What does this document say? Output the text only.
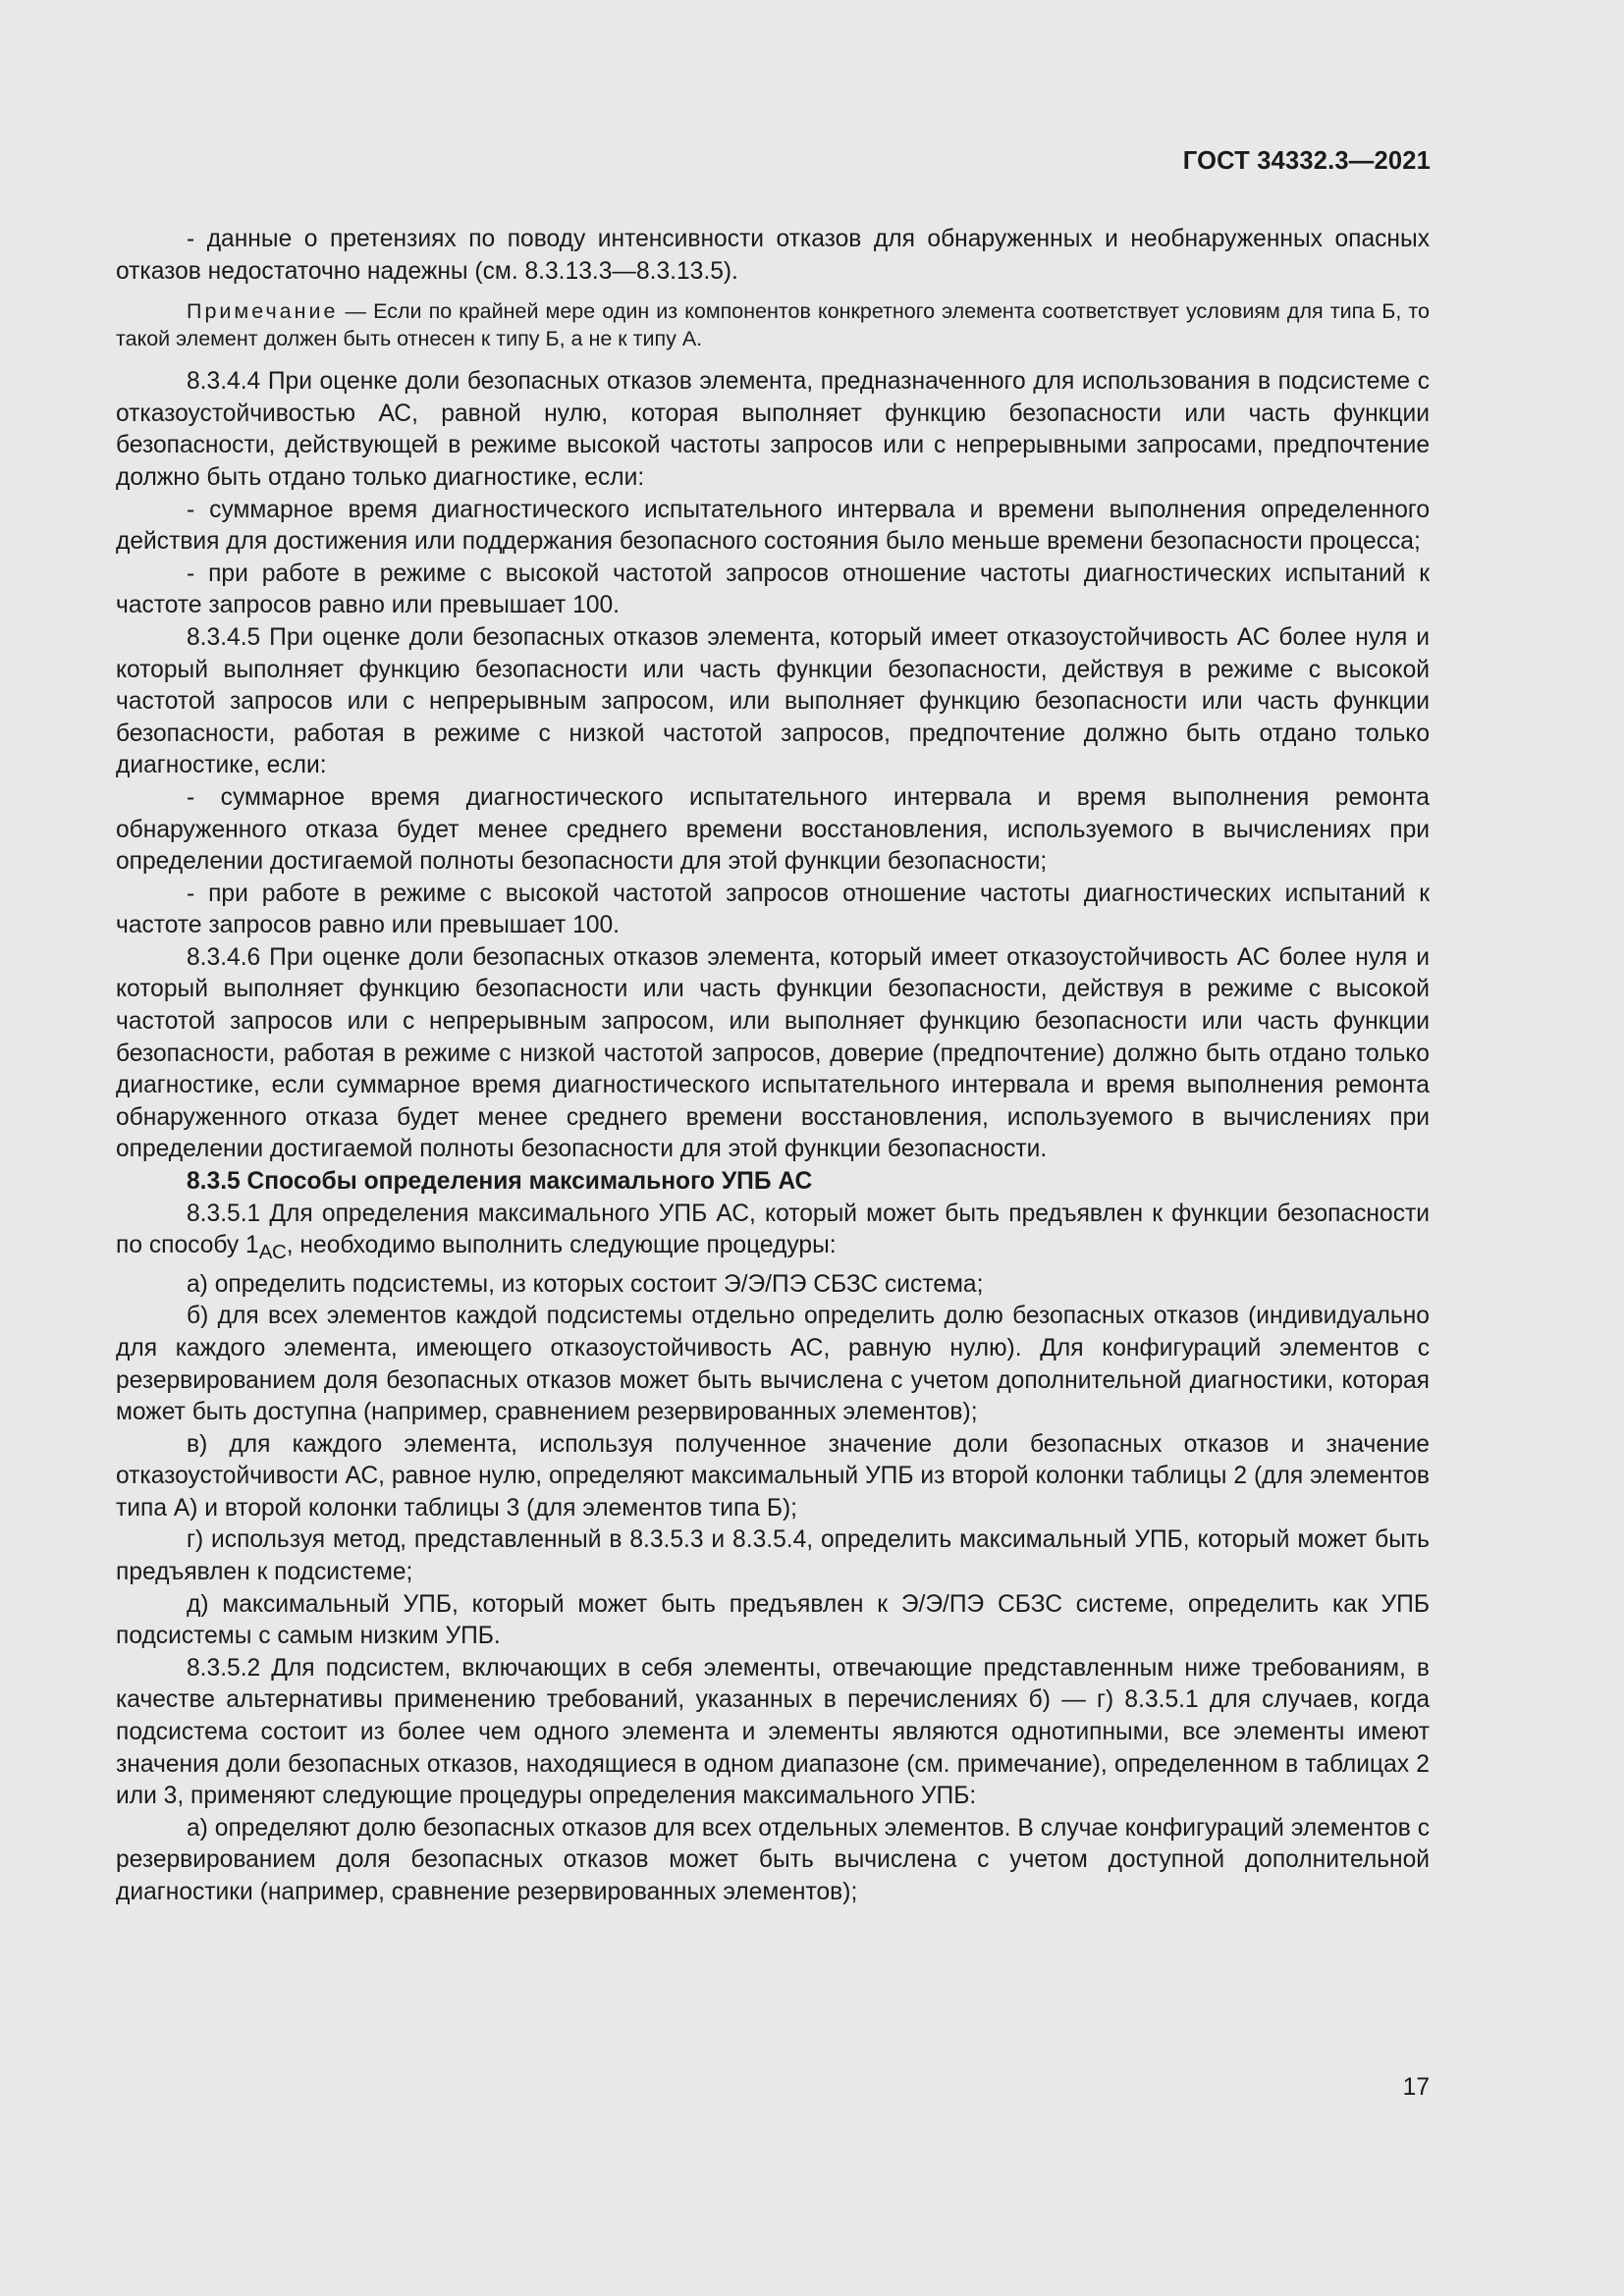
ГОСТ 34332.3—2021

- данные о претензиях по поводу интенсивности отказов для обнаруженных и необнаруженных опасных отказов недостаточно надежны (см. 8.3.13.3—8.3.13.5).

Примечание — Если по крайней мере один из компонентов конкретного элемента соответствует условиям для типа Б, то такой элемент должен быть отнесен к типу Б, а не к типу А.

8.3.4.4 При оценке доли безопасных отказов элемента, предназначенного для использования в подсистеме с отказоустойчивостью АС, равной нулю, которая выполняет функцию безопасности или часть функции безопасности, действующей в режиме высокой частоты запросов или с непрерывными запросами, предпочтение должно быть отдано только диагностике, если:

- суммарное время диагностического испытательного интервала и времени выполнения определенного действия для достижения или поддержания безопасного состояния было меньше времени безопасности процесса;

- при работе в режиме с высокой частотой запросов отношение частоты диагностических испытаний к частоте запросов равно или превышает 100.

8.3.4.5 При оценке доли безопасных отказов элемента, который имеет отказоустойчивость АС более нуля и который выполняет функцию безопасности или часть функции безопасности, действуя в режиме с высокой частотой запросов или с непрерывным запросом, или выполняет функцию безопасности или часть функции безопасности, работая в режиме с низкой частотой запросов, предпочтение должно быть отдано только диагностике, если:

- суммарное время диагностического испытательного интервала и время выполнения ремонта обнаруженного отказа будет менее среднего времени восстановления, используемого в вычислениях при определении достигаемой полноты безопасности для этой функции безопасности;

- при работе в режиме с высокой частотой запросов отношение частоты диагностических испытаний к частоте запросов равно или превышает 100.

8.3.4.6 При оценке доли безопасных отказов элемента, который имеет отказоустойчивость АС более нуля и который выполняет функцию безопасности или часть функции безопасности, действуя в режиме с высокой частотой запросов или с непрерывным запросом, или выполняет функцию безопасности или часть функции безопасности, работая в режиме с низкой частотой запросов, доверие (предпочтение) должно быть отдано только диагностике, если суммарное время диагностического испытательного интервала и время выполнения ремонта обнаруженного отказа будет менее среднего времени восстановления, используемого в вычислениях при определении достигаемой полноты безопасности для этой функции безопасности.

8.3.5 Способы определения максимального УПБ АС

8.3.5.1 Для определения максимального УПБ АС, который может быть предъявлен к функции безопасности по способу $1_{АС}$, необходимо выполнить следующие процедуры:

а) определить подсистемы, из которых состоит Э/Э/ПЭ СБЗС система;

б) для всех элементов каждой подсистемы отдельно определить долю безопасных отказов (индивидуально для каждого элемента, имеющего отказоустойчивость АС, равную нулю). Для конфигураций элементов с резервированием доля безопасных отказов может быть вычислена с учетом дополнительной диагностики, которая может быть доступна (например, сравнением резервированных элементов);

в) для каждого элемента, используя полученное значение доли безопасных отказов и значение отказоустойчивости АС, равное нулю, определяют максимальный УПБ из второй колонки таблицы 2 (для элементов типа А) и второй колонки таблицы 3 (для элементов типа Б);

г) используя метод, представленный в 8.3.5.3 и 8.3.5.4, определить максимальный УПБ, который может быть предъявлен к подсистеме;

д) максимальный УПБ, который может быть предъявлен к Э/Э/ПЭ СБЗС системе, определить как УПБ подсистемы с самым низким УПБ.

8.3.5.2 Для подсистем, включающих в себя элементы, отвечающие представленным ниже требованиям, в качестве альтернативы применению требований, указанных в перечислениях б) — г) 8.3.5.1 для случаев, когда подсистема состоит из более чем одного элемента и элементы являются однотипными, все элементы имеют значения доли безопасных отказов, находящиеся в одном диапазоне (см. примечание), определенном в таблицах 2 или 3, применяют следующие процедуры определения максимального УПБ:

а) определяют долю безопасных отказов для всех отдельных элементов. В случае конфигураций элементов с резервированием доля безопасных отказов может быть вычислена с учетом доступной дополнительной диагностики (например, сравнение резервированных элементов);

17
